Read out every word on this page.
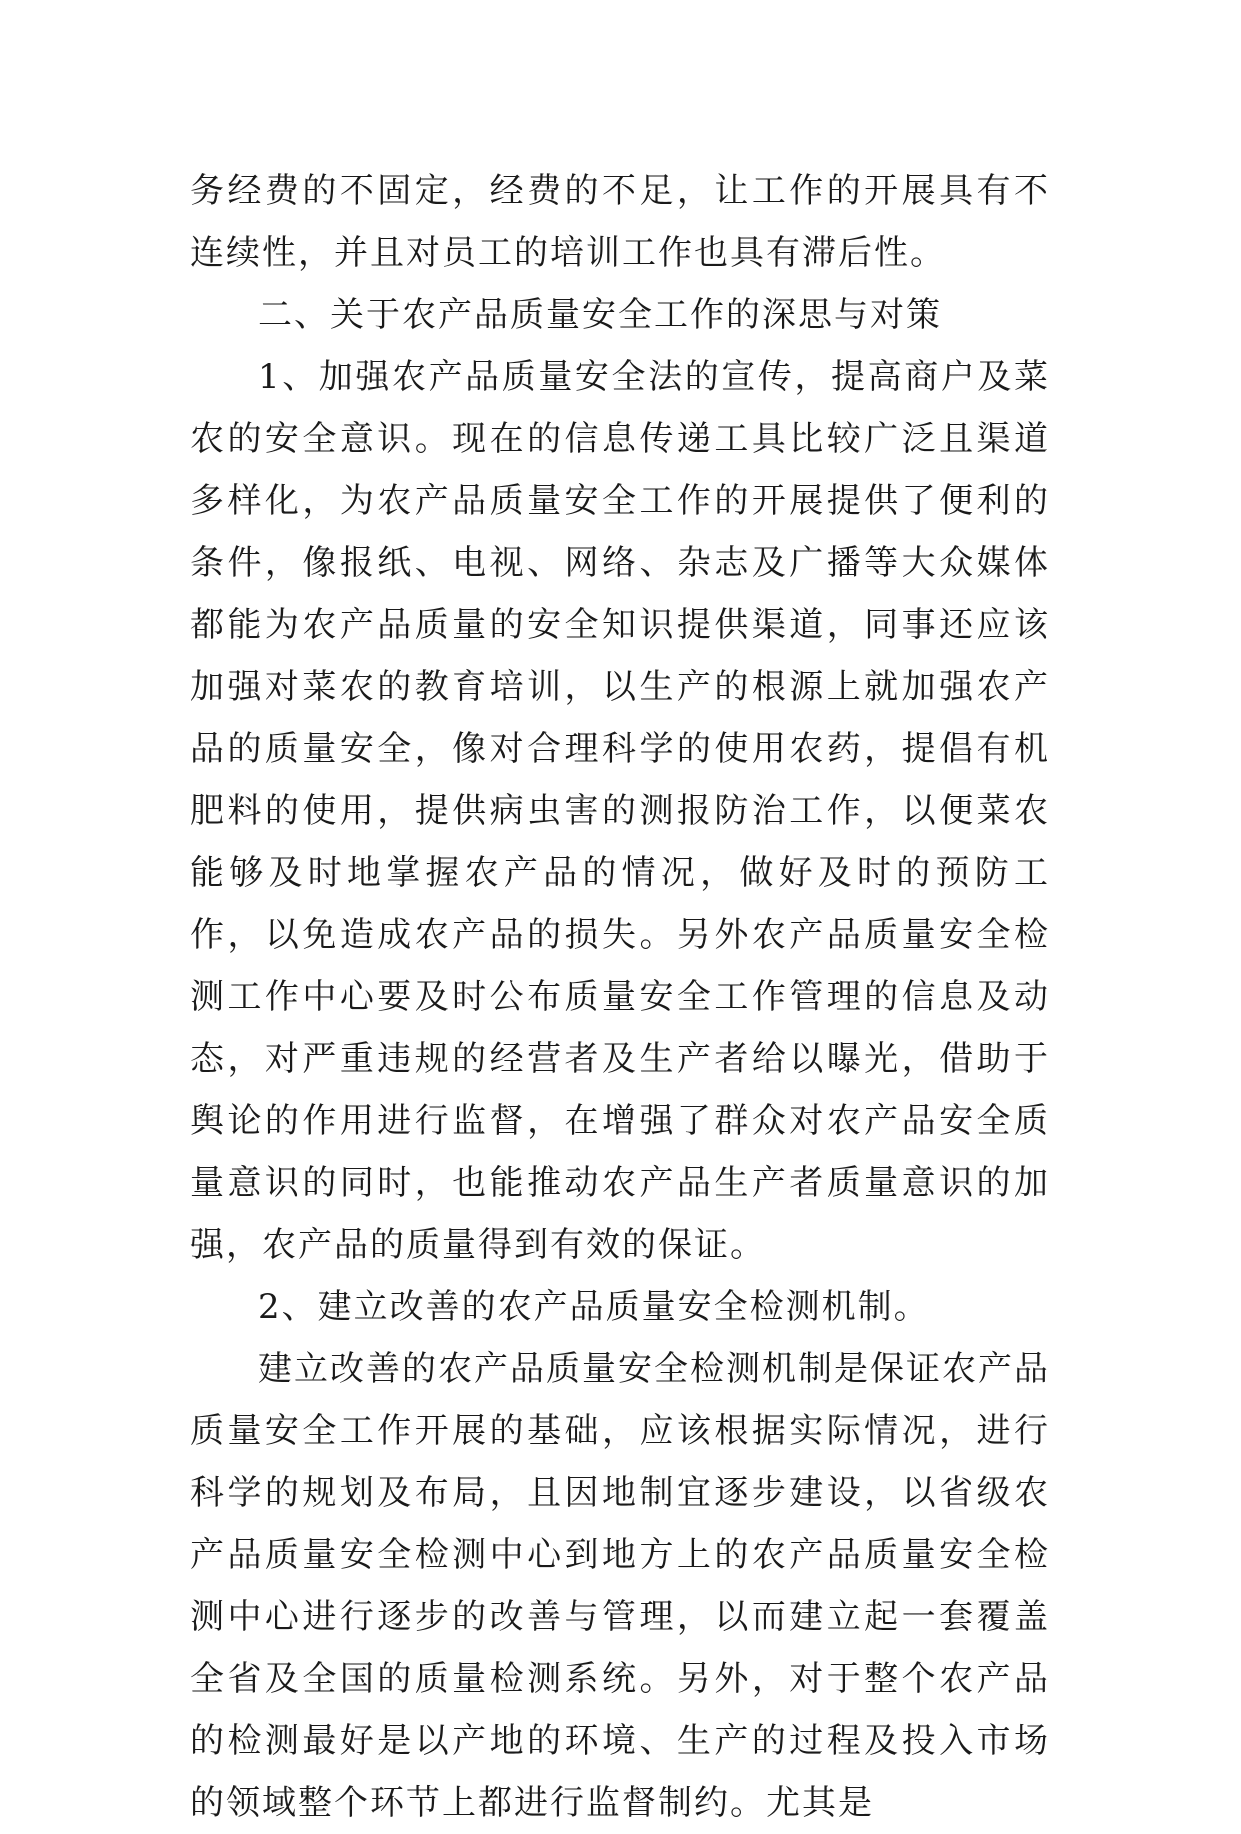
务经费的不固定，经费的不足，让工作的开展具有不连续性，并且对员工的培训工作也具有滞后性。

二、关于农产品质量安全工作的深思与对策

1、加强农产品质量安全法的宣传，提高商户及菜农的安全意识。现在的信息传递工具比较广泛且渠道多样化，为农产品质量安全工作的开展提供了便利的条件，像报纸、电视、网络、杂志及广播等大众媒体都能为农产品质量的安全知识提供渠道，同事还应该加强对菜农的教育培训，以生产的根源上就加强农产品的质量安全，像对合理科学的使用农药，提倡有机肥料的使用，提供病虫害的测报防治工作，以便菜农能够及时地掌握农产品的情况，做好及时的预防工作，以免造成农产品的损失。另外农产品质量安全检测工作中心要及时公布质量安全工作管理的信息及动态，对严重违规的经营者及生产者给以曝光，借助于舆论的作用进行监督，在增强了群众对农产品安全质量意识的同时，也能推动农产品生产者质量意识的加强，农产品的质量得到有效的保证。

2、建立改善的农产品质量安全检测机制。

建立改善的农产品质量安全检测机制是保证农产品质量安全工作开展的基础，应该根据实际情况，进行科学的规划及布局，且因地制宜逐步建设，以省级农产品质量安全检测中心到地方上的农产品质量安全检测中心进行逐步的改善与管理，以而建立起一套覆盖全省及全国的质量检测系统。另外，对于整个农产品的检测最好是以产地的环境、生产的过程及投入市场的领域整个环节上都进行监督制约。尤其是
